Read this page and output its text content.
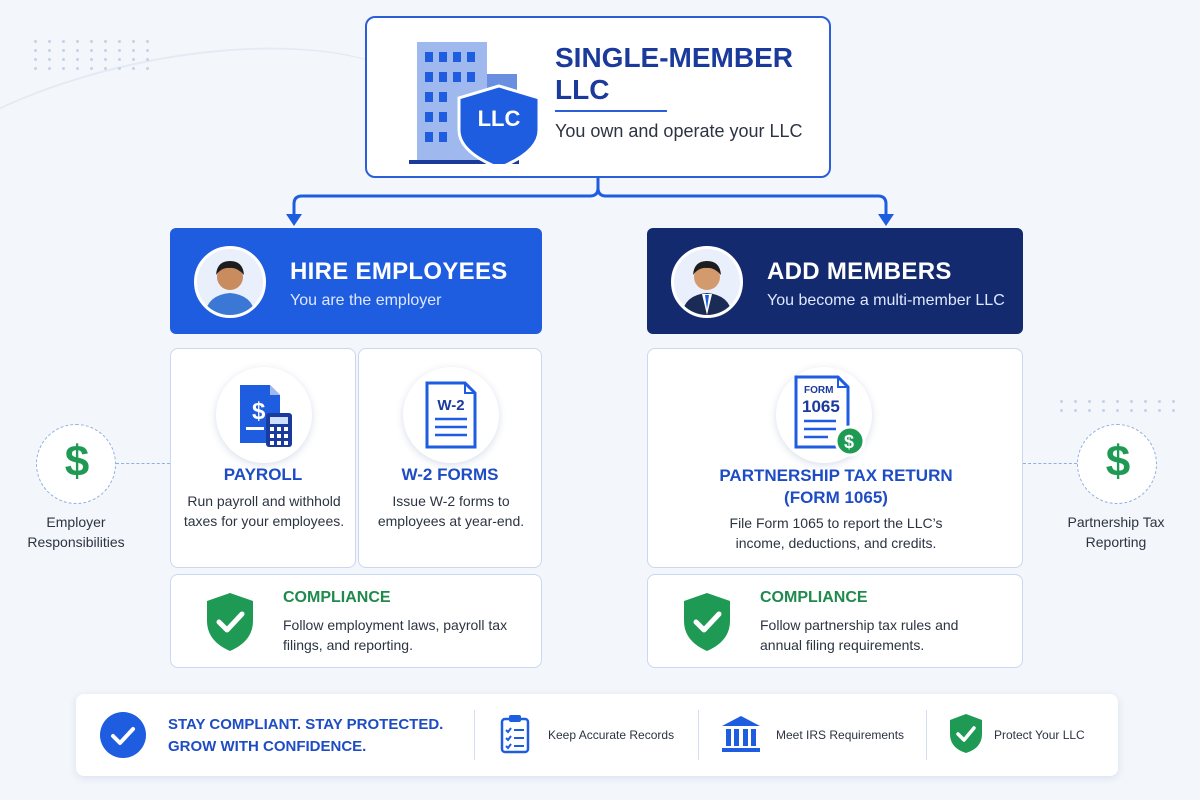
LLC
SINGLE-MEMBER LLC
You own and operate your LLC
HIRE EMPLOYEES
You are the employer
ADD MEMBERS
You become a multi-member LLC
$
PAYROLL
Run payroll and withhold taxes for your employees.
W-2
W-2 FORMS
Issue W-2 forms to employees at year-end.
COMPLIANCE
Follow employment laws, payroll tax filings, and reporting.
$
FORM
1065
PARTNERSHIP TAX RETURN (FORM 1065)
File Form 1065 to report the LLC’s income, deductions, and credits.
COMPLIANCE
Follow partnership tax rules and annual filing requirements.
$
Employer Responsibilities
$
Partnership Tax Reporting
STAY COMPLIANT. STAY PROTECTED. GROW WITH CONFIDENCE.
Keep Accurate Records	Meet IRS Requirements	Protect Your LLC
